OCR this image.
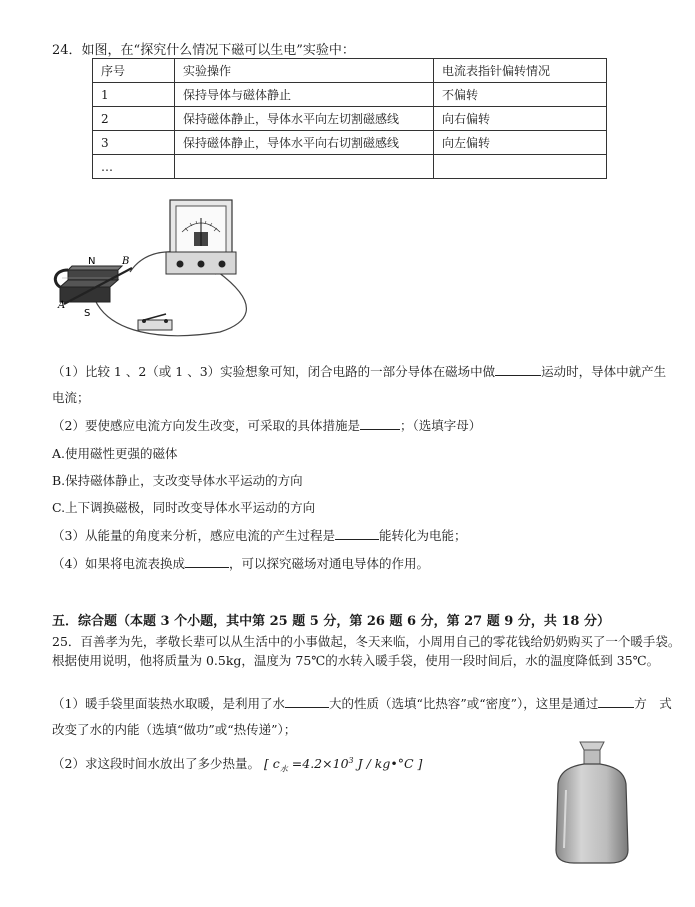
24．如图，在“探究什么情况下磁可以生电”实验中：
序号	实验操作	电流表指针偏转情况
1	保持导体与磁体静止	不偏转
2	保持磁体静止，导体水平向左切割磁感线	向右偏转
3	保持磁体静止，导体水平向右切割磁感线	向左偏转
…		
N
S
A
B
（1）比较 1 、2（或 1 、3）实验想象可知，闭合电路的一部分导体在磁场中做	运动时，导体中就产生
电流；
（2）要使感应电流方向发生改变，可采取的具体措施是	；（选填字母）
A.使用磁性更强的磁体
B.保持磁体静止，支改变导体水平运动的方向
C.上下调换磁极，同时改变导体水平运动的方向
（3）从能量的角度来分析，感应电流的产生过程是	能转化为电能；
（4）如果将电流表换成	，可以探究磁场对通电导体的作用。
五．综合题（本题 3 个小题，其中第 25 题 5 分，第 26 题 6 分，第 27 题 9 分，共 18 分）
25．百善孝为先，孝敬长辈可以从生活中的小事做起，冬天来临，小周用自己的零花钱给奶奶购买了一个暖手袋。根据使用说明，他将质量为 0.5kg，温度为 75℃的水转入暖手袋，使用一段时间后，水的温度降低到 35℃。
（1）暖手袋里面装热水取暖，是利用了水	大的性质（选填“比热容”或“密度”），这里是通过	方　式
改变了水的内能（选填“做功”或“热传递”）；
（2）求这段时间水放出了多少热量。 [ $c_水 =4.2\times 10^3$ J / kg•°C ]
